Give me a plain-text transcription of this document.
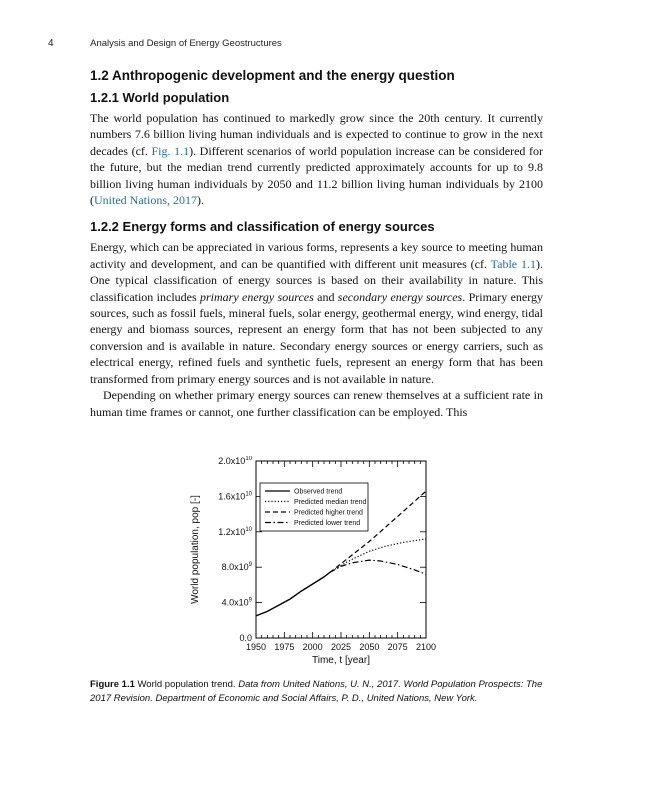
4	Analysis and Design of Energy Geostructures
1.2 Anthropogenic development and the energy question
1.2.1 World population

The world population has continued to markedly grow since the 20th century. It currently numbers 7.6 billion living human individuals and is expected to continue to grow in the next decades (cf. Fig. 1.1). Different scenarios of world population increase can be considered for the future, but the median trend currently predicted approximately accounts for up to 9.8 billion living human individuals by 2050 and 11.2 billion living human individuals by 2100 (United Nations, 2017).

1.2.2 Energy forms and classification of energy sources

Energy, which can be appreciated in various forms, represents a key source to meeting human activity and development, and can be quantified with different unit measures (cf. Table 1.1). One typical classification of energy sources is based on their availability in nature. This classification includes primary energy sources and secondary energy sources. Primary energy sources, such as fossil fuels, mineral fuels, solar energy, geothermal energy, wind energy, tidal energy and biomass sources, represent an energy form that has not been subjected to any conversion and is available in nature. Secondary energy sources or energy carriers, such as electrical energy, refined fuels and synthetic fuels, represent an energy form that has been transformed from primary energy sources and is not available in nature.

Depending on whether primary energy sources can renew themselves at a sufficient rate in human time frames or cannot, one further classification can be employed. This

1950 1975 2000 2025 2050 2075 2100
0.0
$4.0x10^9$
$8.0x10^9$
$1.2x10^{10}$
$1.6x10^{10}$
$2.0x10^{10}$
Time, t [year]
World population, pop [-]
Observed trend
Predicted median trend
Predicted higher trend
Predicted lower trend
Figure 1.1 World population trend. Data from United Nations, U. N., 2017. World Population Prospects: The 2017 Revision. Department of Economic and Social Affairs, P. D., United Nations, New York.
